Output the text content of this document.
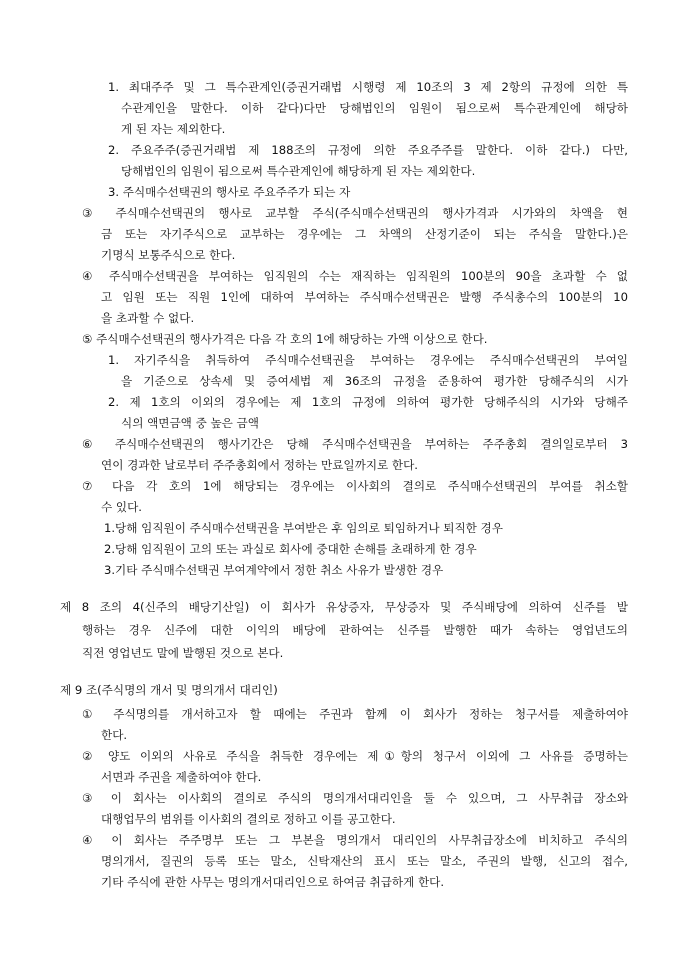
1. 최대주주 및 그 특수관계인(증권거래법 시행령 제 10조의 3 제 2항의 규정에 의한 특
수관계인을 말한다. 이하 같다)다만 당해법인의 임원이 됨으로써 특수관계인에 해당하
게 된 자는 제외한다.
2. 주요주주(증권거래법 제 188조의 규정에 의한 주요주주를 말한다. 이하 같다.) 다만,
당해법인의 임원이 됨으로써 특수관계인에 해당하게 된 자는 제외한다.
3. 주식매수선택권의 행사로 주요주주가 되는 자
③ 주식매수선택권의 행사로 교부할 주식(주식매수선택권의 행사가격과 시가와의 차액을 현
금 또는 자기주식으로 교부하는 경우에는 그 차액의 산정기준이 되는 주식을 말한다.)은
기명식 보통주식으로 한다.
④ 주식매수선택권을 부여하는 임직원의 수는 재직하는 임직원의 100분의 90을 초과할 수 없
고 임원 또는 직원 1인에 대하여 부여하는 주식매수선택권은 발행 주식총수의 100분의 10
을 초과할 수 없다.
⑤ 주식매수선택권의 행사가격은 다음 각 호의 1에 해당하는 가액 이상으로 한다.
1. 자기주식을 취득하여 주식매수선택권을 부여하는 경우에는 주식매수선택권의 부여일
을 기준으로 상속세 및 증여세법 제 36조의 규정을 준용하여 평가한 당해주식의 시가
2. 제 1호의 이외의 경우에는 제 1호의 규정에 의하여 평가한 당해주식의 시가와 당해주
식의 액면금액 중 높은 금액
⑥ 주식매수선택권의 행사기간은 당해 주식매수선택권을 부여하는 주주총회 결의일로부터 3
연이 경과한 날로부터 주주총회에서 정하는 만료일까지로 한다.
⑦ 다음 각 호의 1에 해당되는 경우에는 이사회의 결의로 주식매수선택권의 부여를 취소할
수 있다.
1.당해 임직원이 주식매수선택권을 부여받은 후 임의로 퇴임하거나 퇴직한 경우
2.당해 임직원이 고의 또는 과실로 회사에 중대한 손해를 초래하게 한 경우
3.기타 주식매수선택권 부여계약에서 정한 취소 사유가 발생한 경우
제 8 조의 4(신주의 배당기산일) 이 회사가 유상증자, 무상증자 및 주식배당에 의하여 신주를 발
행하는 경우 신주에 대한 이익의 배당에 관하여는 신주를 발행한 때가 속하는 영업년도의
직전 영업년도 말에 발행된 것으로 본다.
제 9 조(주식명의 개서 및 명의개서 대리인)
① 주식명의를 개서하고자 할 때에는 주권과 함께 이 회사가 정하는 청구서를 제출하여야
한다.
② 양도 이외의 사유로 주식을 취득한 경우에는 제①항의 청구서 이외에 그 사유를 증명하는
서면과 주권을 제출하여야 한다.
③ 이 회사는 이사회의 결의로 주식의 명의개서대리인을 둘 수 있으며, 그 사무취급 장소와
대행업무의 범위를 이사회의 결의로 정하고 이를 공고한다.
④ 이 회사는 주주명부 또는 그 부본을 명의개서 대리인의 사무취급장소에 비치하고 주식의
명의개서, 질권의 등록 또는 말소, 신탁재산의 표시 또는 말소, 주권의 발행, 신고의 접수,
기타 주식에 관한 사무는 명의개서대리인으로 하여금 취급하게 한다.
